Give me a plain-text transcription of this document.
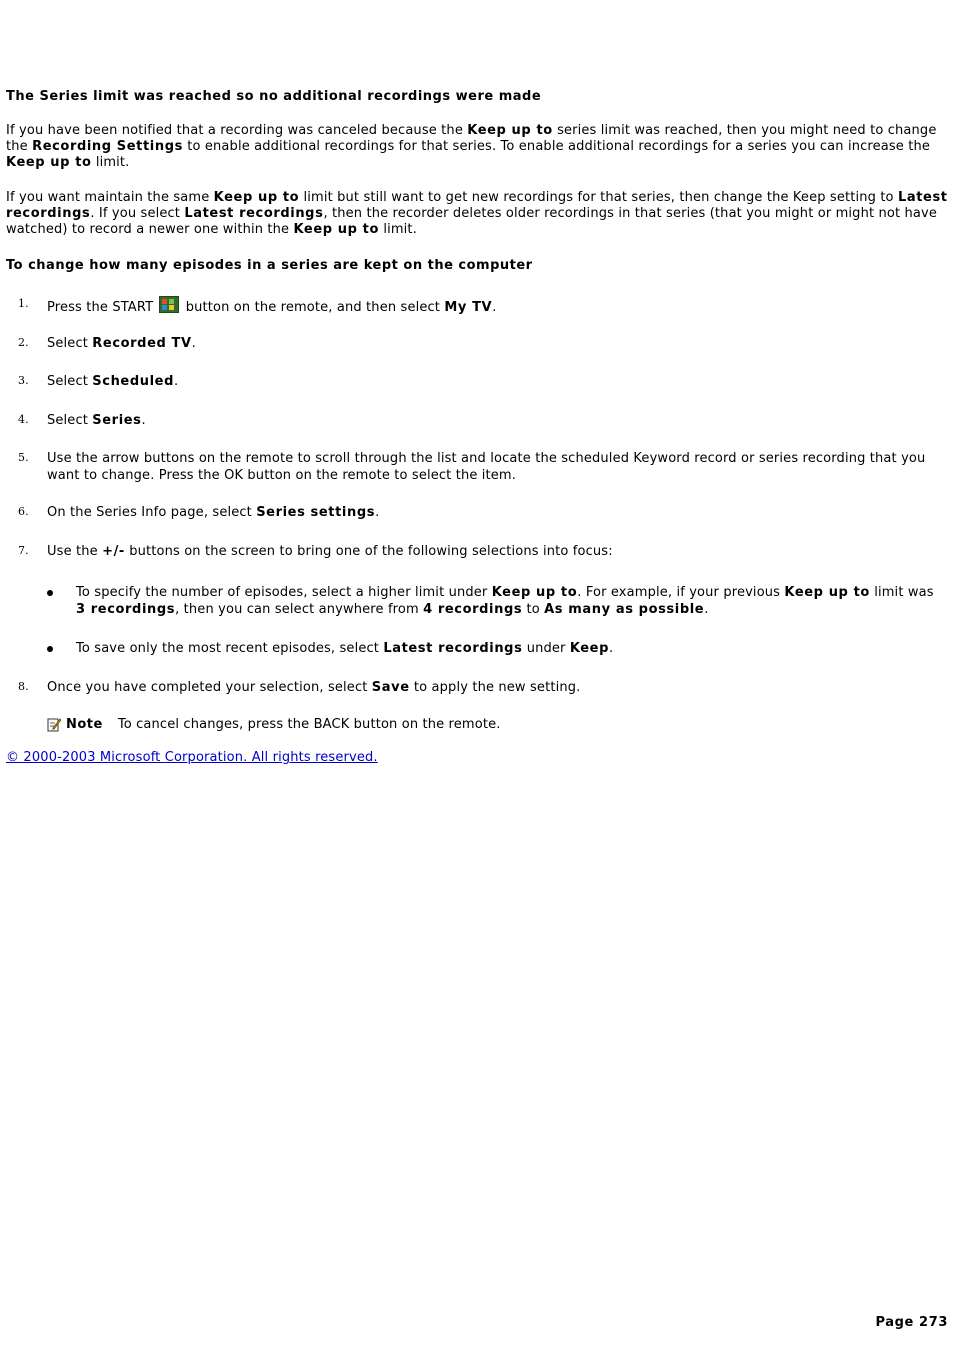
The Series limit was reached so no additional recordings were made

If you have been notified that a recording was canceled because the Keep up to series limit was reached, then you might need to change the Recording Settings to enable additional recordings for that series. To enable additional recordings for a series you can increase the Keep up to limit.

If you want maintain the same Keep up to limit but still want to get new recordings for that series, then change the Keep setting to Latest recordings. If you select Latest recordings, then the recorder deletes older recordings in that series (that you might or might not have watched) to record a newer one within the Keep up to limit.

To change how many episodes in a series are kept on the computer

1. Press the START
button on the remote, and then select My TV.
2. Select Recorded TV.
3. Select Scheduled.
4. Select Series.
5. Use the arrow buttons on the remote to scroll through the list and locate the scheduled Keyword record or series recording that you want to change. Press the OK button on the remote to select the item.
6. On the Series Info page, select Series settings.
7. Use the +/- buttons on the screen to bring one of the following selections into focus:
To specify the number of episodes, select a higher limit under Keep up to. For example, if your previous Keep up to limit was 3 recordings, then you can select anywhere from 4 recordings to As many as possible.
To save only the most recent episodes, select Latest recordings under Keep.
8. Once you have completed your selection, select Save to apply the new setting.
Note To cancel changes, press the BACK button on the remote.
© 2000-2003 Microsoft Corporation. All rights reserved.
Page 273
